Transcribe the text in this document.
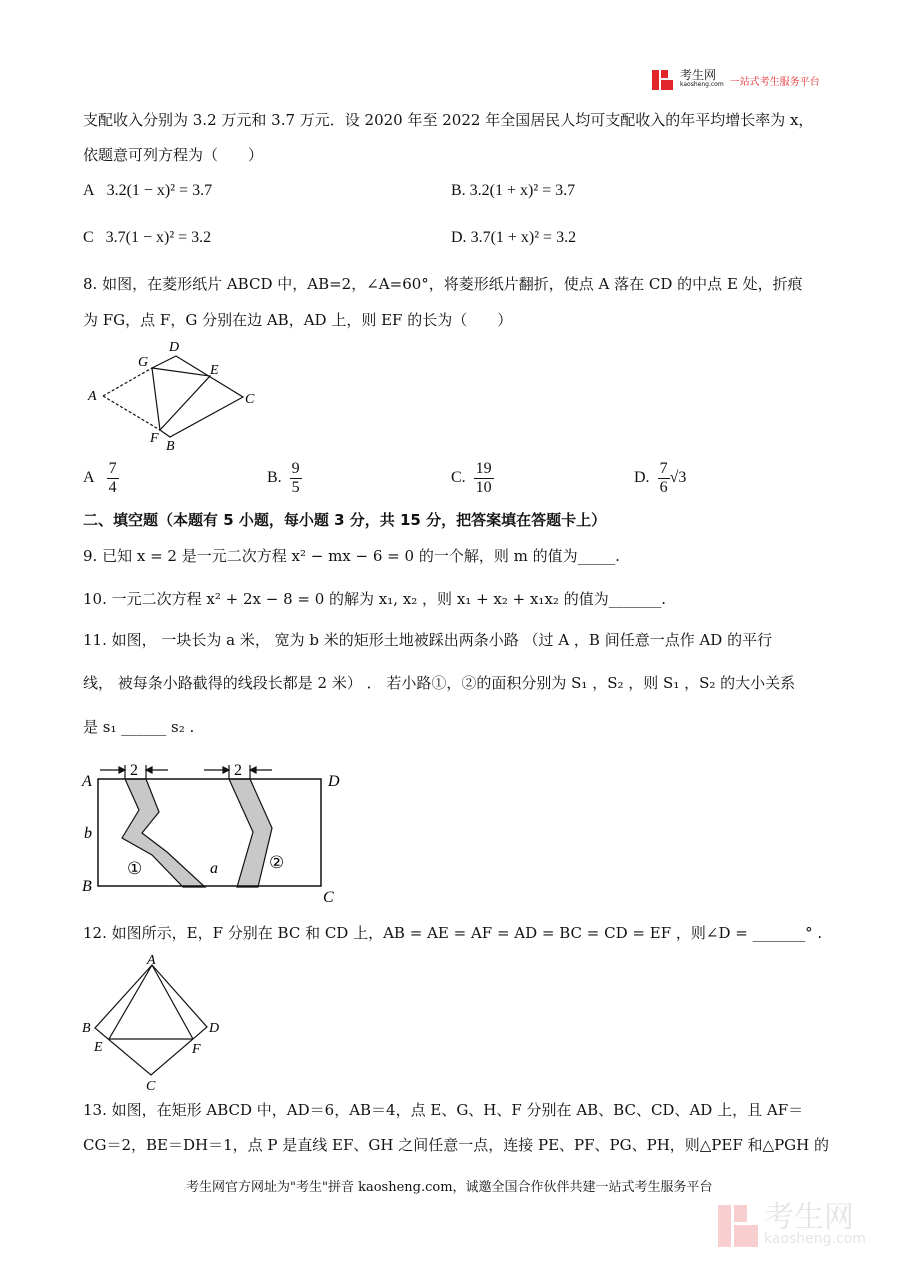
考生网
kaosheng.com 一站式考生服务平台
支配收入分别为 3.2 万元和 3.7 万元．设 2020 年至 2022 年全国居民人均可支配收入的年平均增长率为 x，
依题意可列方程为（　　）
A 3.2(1 − x)² = 3.7	B. 3.2(1 + x)² = 3.7
C 3.7(1 − x)² = 3.2	D. 3.7(1 + x)² = 3.2
8. 如图，在菱形纸片 ABCD 中，AB=2，∠A=60°，将菱形纸片翻折，使点 A 落在 CD 的中点 E 处，折痕
为 FG，点 F，G 分别在边 AB，AD 上，则 EF 的长为（　　）
A
G
D
E
C
F
B
A $\frac{7}{4}$	B. $\frac{9}{5}$	C. $\frac{19}{10}$	D. $\frac{7}{6} √3$
二、填空题（本题有 5 小题，每小题 3 分，共 15 分，把答案填在答题卡上）
9. 已知 x = 2 是一元二次方程 x² − mx − 6 = 0 的一个解，则 m 的值为_____.
10. 一元二次方程 x² + 2x − 8 = 0 的解为 x₁, x₂ ，则 x₁ + x₂ + x₁x₂ 的值为_______.
11. 如图， 一块长为 a 米， 宽为 b 米的矩形土地被踩出两条小路 （过 A ，B 间任意一点作 AD 的平行
线， 被每条小路截得的线段长都是 2 米） ． 若小路①，②的面积分别为 S₁ ，S₂ ，则 S₁ ，S₂ 的大小关系
是 s₁ ______ s₂ .
2	2
A	D
b
B
C
a
①	②
12. 如图所示，E，F 分别在 BC 和 CD 上，AB = AE = AF = AD = BC = CD = EF ，则∠D = _______° .
A
B	D
E	F
C
13. 如图，在矩形 ABCD 中，AD＝6，AB＝4，点 E、G、H、F 分别在 AB、BC、CD、AD 上，且 AF＝
CG＝2，BE＝DH＝1，点 P 是直线 EF、GH 之间任意一点，连接 PE、PF、PG、PH，则△PEF 和△PGH 的
考生网官方网址为"考生"拼音 kaosheng.com，诚邀全国合作伙伴共建一站式考生服务平台
考生网
kaosheng.com
